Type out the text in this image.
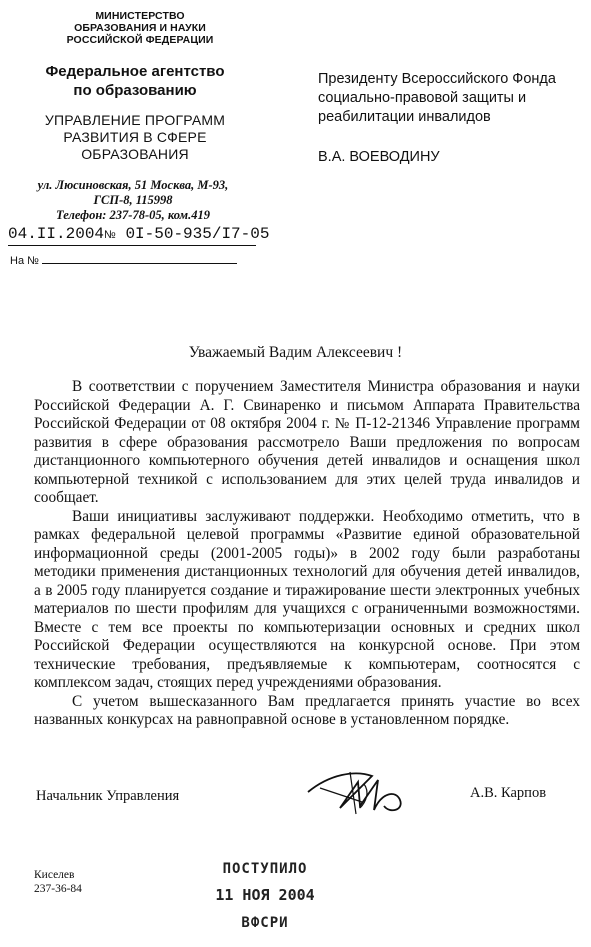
МИНИСТЕРСТВО
ОБРАЗОВАНИЯ И НАУКИ
РОССИЙСКОЙ ФЕДЕРАЦИИ
Федеральное агентство
по образованию
УПРАВЛЕНИЕ ПРОГРАММ
РАЗВИТИЯ В СФЕРЕ
ОБРАЗОВАНИЯ
ул. Люсиновская, 51 Москва, М-93,
ГСП-8, 115998
Телефон: 237-78-05, ком.419
04.II.2004№ 0I-50-935/I7-05
На №
Президенту Всероссийского Фонда
социально-правовой защиты и
реабилитации инвалидов
В.А. ВОЕВОДИНУ
Уважаемый Вадим Алексеевич !

В соответствии с поручением Заместителя Министра образования и науки Российской Федерации А. Г. Свинаренко и письмом Аппарата Правительства Российской Федерации от 08 октября 2004 г. № П-12-21346 Управление программ развития в сфере образования рассмотрело Ваши предложения по вопросам дистанционного компьютерного обучения детей инвалидов и оснащения школ компьютерной техникой с использованием для этих целей труда инвалидов и сообщает.

Ваши инициативы заслуживают поддержки. Необходимо отметить, что в рамках федеральной целевой программы «Развитие единой образовательной информационной среды (2001-2005 годы)» в 2002 году были разработаны методики применения дистанционных технологий для обучения детей инвалидов, а в 2005 году планируется создание и тиражирование шести электронных учебных материалов по шести профилям для учащихся с ограниченными возможностями. Вместе с тем все проекты по компьютеризации основных и средних школ Российской Федерации осуществляются на конкурсной основе. При этом технические требования, предъявляемые к компьютерам, соотносятся с комплексом задач, стоящих перед учреждениями образования.

С учетом вышесказанного Вам предлагается принять участие во всех названных конкурсах на равноправной основе в установленном порядке.

Начальник Управления	А.В. Карпов
Киселев
237-36-84
ПОСТУПИЛО
11 НОЯ 2004
ВФСРИ
